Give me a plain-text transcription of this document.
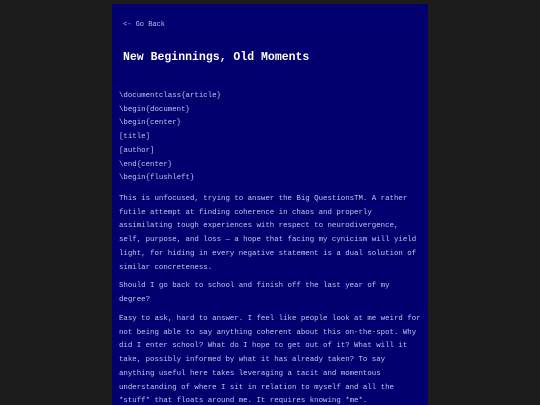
<- Go Back
New Beginnings, Old Moments
\documentclass{article}
\begin{document}
\begin{center}
[title]
[author]
\end{center}
\begin{flushleft}

This is unfocused, trying to answer the Big QuestionsTM. A rather futile attempt at finding coherence in chaos and properly assimilating tough experiences with respect to neurodivergence, self, purpose, and loss — a hope that facing my cynicism will yield light, for hiding in every negative statement is a dual solution of similar concreteness.

Should I go back to school and finish off the last year of my degree?

Easy to ask, hard to answer. I feel like people look at me weird for not being able to say anything coherent about this on-the-spot. Why did I enter school? What do I hope to get out of it? What will it take, possibly informed by what it has already taken? To say anything useful here takes leveraging a tacit and momentous understanding of where I sit in relation to myself and all the *stuff* that floats around me. It requires knowing *me*.
